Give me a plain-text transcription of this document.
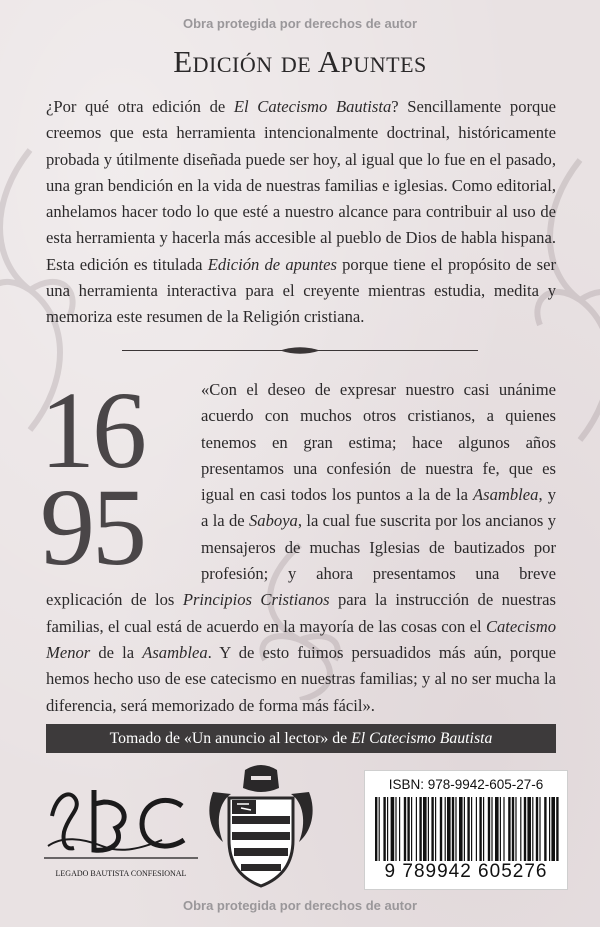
Obra protegida por derechos de autor
Edición de Apuntes

¿Por qué otra edición de El Catecismo Bautista? Sencillamente porque creemos que esta herramienta intencionalmente doctrinal, históricamente probada y útilmente diseñada puede ser hoy, al igual que lo fue en el pasado, una gran bendición en la vida de nuestras familias e iglesias. Como editorial, anhelamos hacer todo lo que esté a nuestro alcance para contribuir al uso de esta herramienta y hacerla más accesible al pueblo de Dios de habla hispana. Esta edición es titulada Edición de apuntes porque tiene el propósito de ser una herramienta interactiva para el creyente mientras estudia, medita y memoriza este resumen de la Religión cristiana.

16
95

«Con el deseo de expresar nuestro casi unánime acuerdo con muchos otros cristianos, a quienes tenemos en gran estima; hace algunos años presentamos una confesión de nuestra fe, que es igual en casi todos los puntos a la de la Asamblea, y a la de Saboya, la cual fue suscrita por los ancianos y mensajeros de muchas Iglesias de bautizados por profesión; y ahora presentamos una breve explicación de los Principios Cristianos para la instrucción de nuestras familias, el cual está de acuerdo en la mayoría de las cosas con el Catecismo Menor de la Asamblea. Y de esto fuimos persuadidos más aún, porque hemos hecho uso de ese catecismo en nuestras familias; y al no ser mucha la diferencia, será memorizado de forma más fácil».

Tomado de «Un anuncio al lector» de El Catecismo Bautista
LEGADO BAUTISTA CONFESIONAL
ISBN: 978-9942-605-27-6
9 789942 605276
Obra protegida por derechos de autor
